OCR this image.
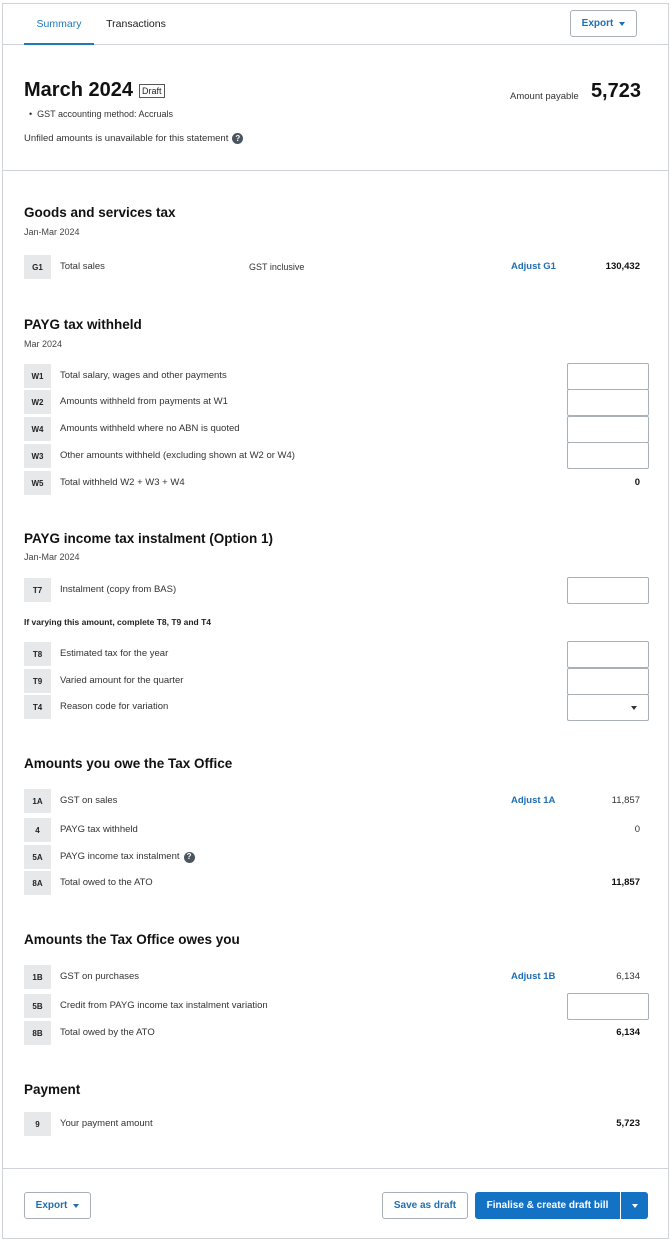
Summary	Transactions	Export
March 2024	Draft
•  GST accounting method: Accruals
Unfiled amounts is unavailable for this statement ?
Amount payable 5,723
Goods and services tax
Jan-Mar 2024
G1	Total sales	GST inclusive	Adjust G1	130,432
PAYG tax withheld
Mar 2024
W1	Total salary, wages and other payments
W2	Amounts withheld from payments at W1
W4	Amounts withheld where no ABN is quoted
W3	Other amounts withheld (excluding shown at W2 or W4)
W5	Total withheld W2 + W3 + W4	0
PAYG income tax instalment (Option 1)
Jan-Mar 2024
T7	Instalment (copy from BAS)
If varying this amount, complete T8, T9 and T4
T8	Estimated tax for the year
T9	Varied amount for the quarter
T4	Reason code for variation
Amounts you owe the Tax Office
1A	GST on sales	Adjust 1A	11,857
4	PAYG tax withheld	0
5A	PAYG income tax instalment ?
8A	Total owed to the ATO	11,857
Amounts the Tax Office owes you
1B	GST on purchases	Adjust 1B	6,134
5B	Credit from PAYG income tax instalment variation
8B	Total owed by the ATO	6,134
Payment
9	Your payment amount	5,723
Export	Save as draft	Finalise & create draft bill
